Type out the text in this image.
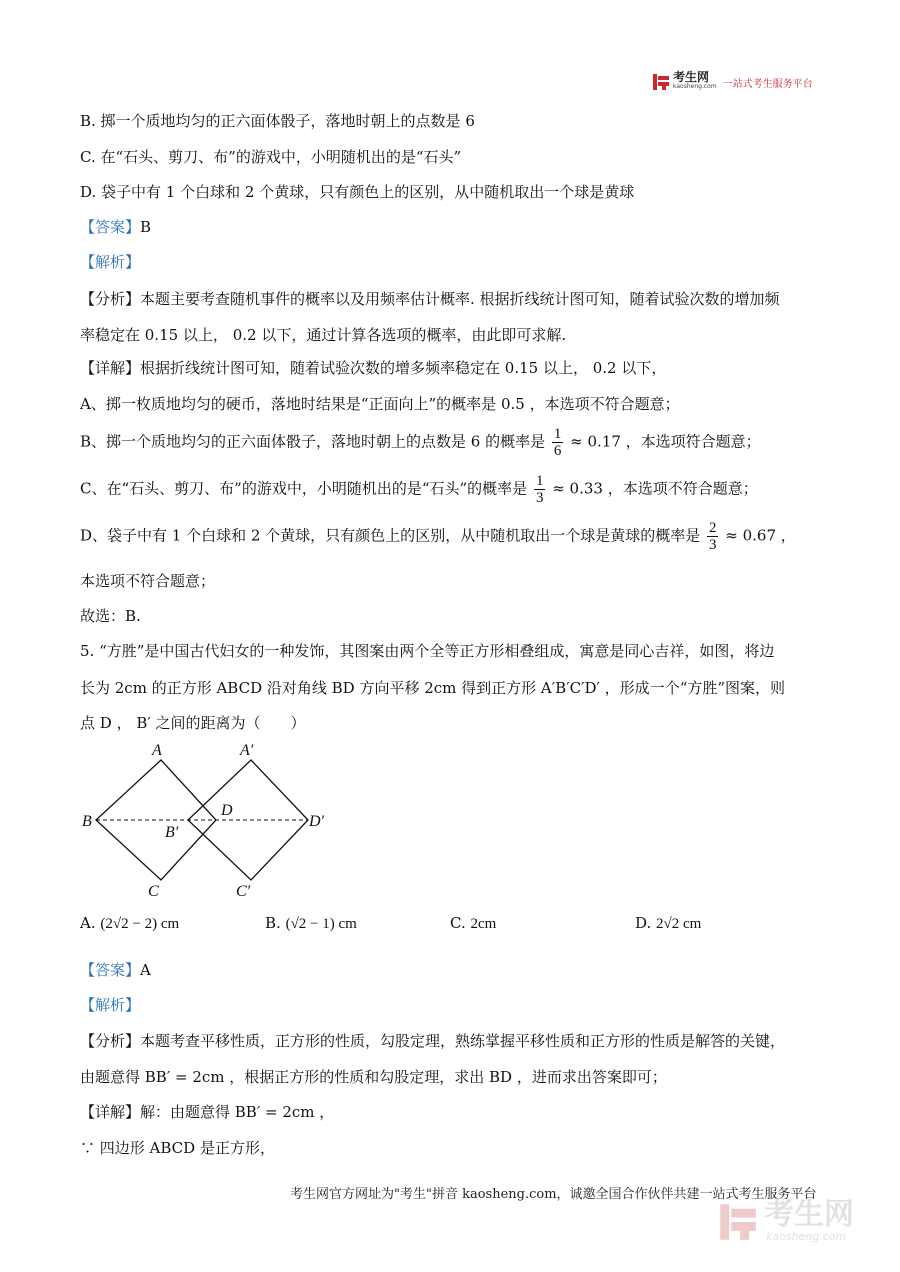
考生网
kaosheng.com 一站式考生服务平台
B. 掷一个质地均匀的正六面体骰子，落地时朝上的点数是 6
C. 在“石头、剪刀、布”的游戏中，小明随机出的是“石头”
D. 袋子中有 1 个白球和 2 个黄球，只有颜色上的区别，从中随机取出一个球是黄球
【答案】B
【解析】
【分析】本题主要考查随机事件的概率以及用频率估计概率. 根据折线统计图可知，随着试验次数的增加频
率稳定在 0.15 以上， 0.2 以下，通过计算各选项的概率，由此即可求解.
【详解】根据折线统计图可知，随着试验次数的增多频率稳定在 0.15 以上， 0.2 以下，
A、掷一枚质地均匀的硬币，落地时结果是“正面向上”的概率是 0.5 ，本选项不符合题意；
B、掷一个质地均匀的正六面体骰子，落地时朝上的点数是 6 的概率是 $\frac{1}{6} \approx 0.17$ ，本选项符合题意；
C、在“石头、剪刀、布”的游戏中，小明随机出的是“石头”的概率是 $\frac{1}{3} \approx 0.33$ ，本选项不符合题意；
D、袋子中有 1 个白球和 2 个黄球，只有颜色上的区别，从中随机取出一个球是黄球的概率是 $\frac{2}{3} \approx 0.67$ ，
本选项不符合题意；
故选：B.
5. “方胜”是中国古代妇女的一种发饰，其图案由两个全等正方形相叠组成，寓意是同心吉祥，如图，将边
长为 2cm 的正方形 ABCD 沿对角线 BD 方向平移 2cm 得到正方形 A′B′C′D′ ，形成一个“方胜”图案，则
点 D ， B′ 之间的距离为（　　）
A	A′
B
B′
D
D′
C	C′
A. (2√2 − 2) cm	B. (√2 − 1) cm	C. 2cm	D. 2√2 cm
【答案】A
【解析】
【分析】本题考查平移性质，正方形的性质，勾股定理，熟练掌握平移性质和正方形的性质是解答的关键，
由题意得 BB′ = 2cm ，根据正方形的性质和勾股定理，求出 BD ，进而求出答案即可；
【详解】解：由题意得 BB′ = 2cm ，
∵ 四边形 ABCD 是正方形，
考生网官方网址为"考生"拼音 kaosheng.com，诚邀全国合作伙伴共建一站式考生服务平台
考生网
kaosheng.com
